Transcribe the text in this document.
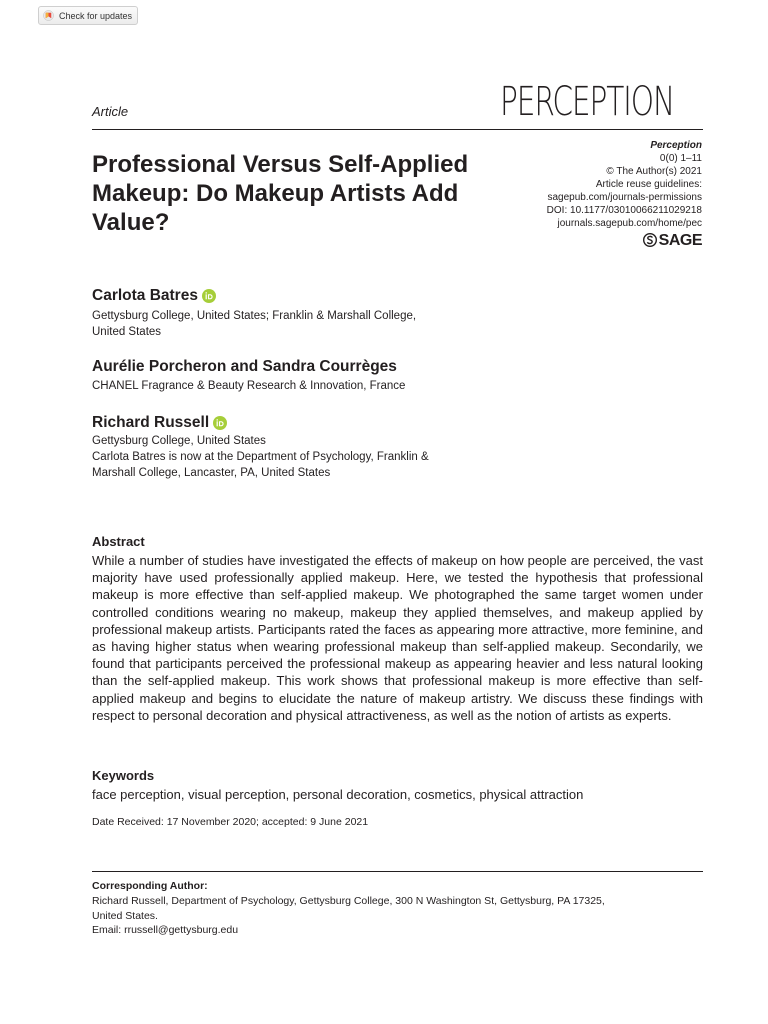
Check for updates
Article	PERCEPTION
Professional Versus Self-Applied Makeup: Do Makeup Artists Add Value?
Perception
0(0) 1–11
© The Author(s) 2021
Article reuse guidelines:
sagepub.com/journals-permissions
DOI: 10.1177/03010066211029218
journals.sagepub.com/home/pec
SAGE
Carlota Batres
Gettysburg College, United States; Franklin & Marshall College,
United States
Aurélie Porcheron and Sandra Courrèges
CHANEL Fragrance & Beauty Research & Innovation, France
Richard Russell
Gettysburg College, United States
Carlota Batres is now at the Department of Psychology, Franklin &
Marshall College, Lancaster, PA, United States
Abstract

While a number of studies have investigated the effects of makeup on how people are perceived, the vast majority have used professionally applied makeup. Here, we tested the hypothesis that professional makeup is more effective than self-applied makeup. We photographed the same target women under controlled conditions wearing no makeup, makeup they applied themselves, and makeup applied by professional makeup artists. Participants rated the faces as appearing more attractive, more feminine, and as having higher status when wearing professional makeup than self-applied makeup. Secondarily, we found that participants perceived the professional makeup as appearing heavier and less natural looking than the self-applied makeup. This work shows that professional makeup is more effective than self-applied makeup and begins to elucidate the nature of makeup artistry. We discuss these findings with respect to personal decoration and physical attractiveness, as well as the notion of artists as experts.

Keywords
face perception, visual perception, personal decoration, cosmetics, physical attraction
Date Received: 17 November 2020; accepted: 9 June 2021
Corresponding Author:
Richard Russell, Department of Psychology, Gettysburg College, 300 N Washington St, Gettysburg, PA 17325,
United States.
Email: rrussell@gettysburg.edu
